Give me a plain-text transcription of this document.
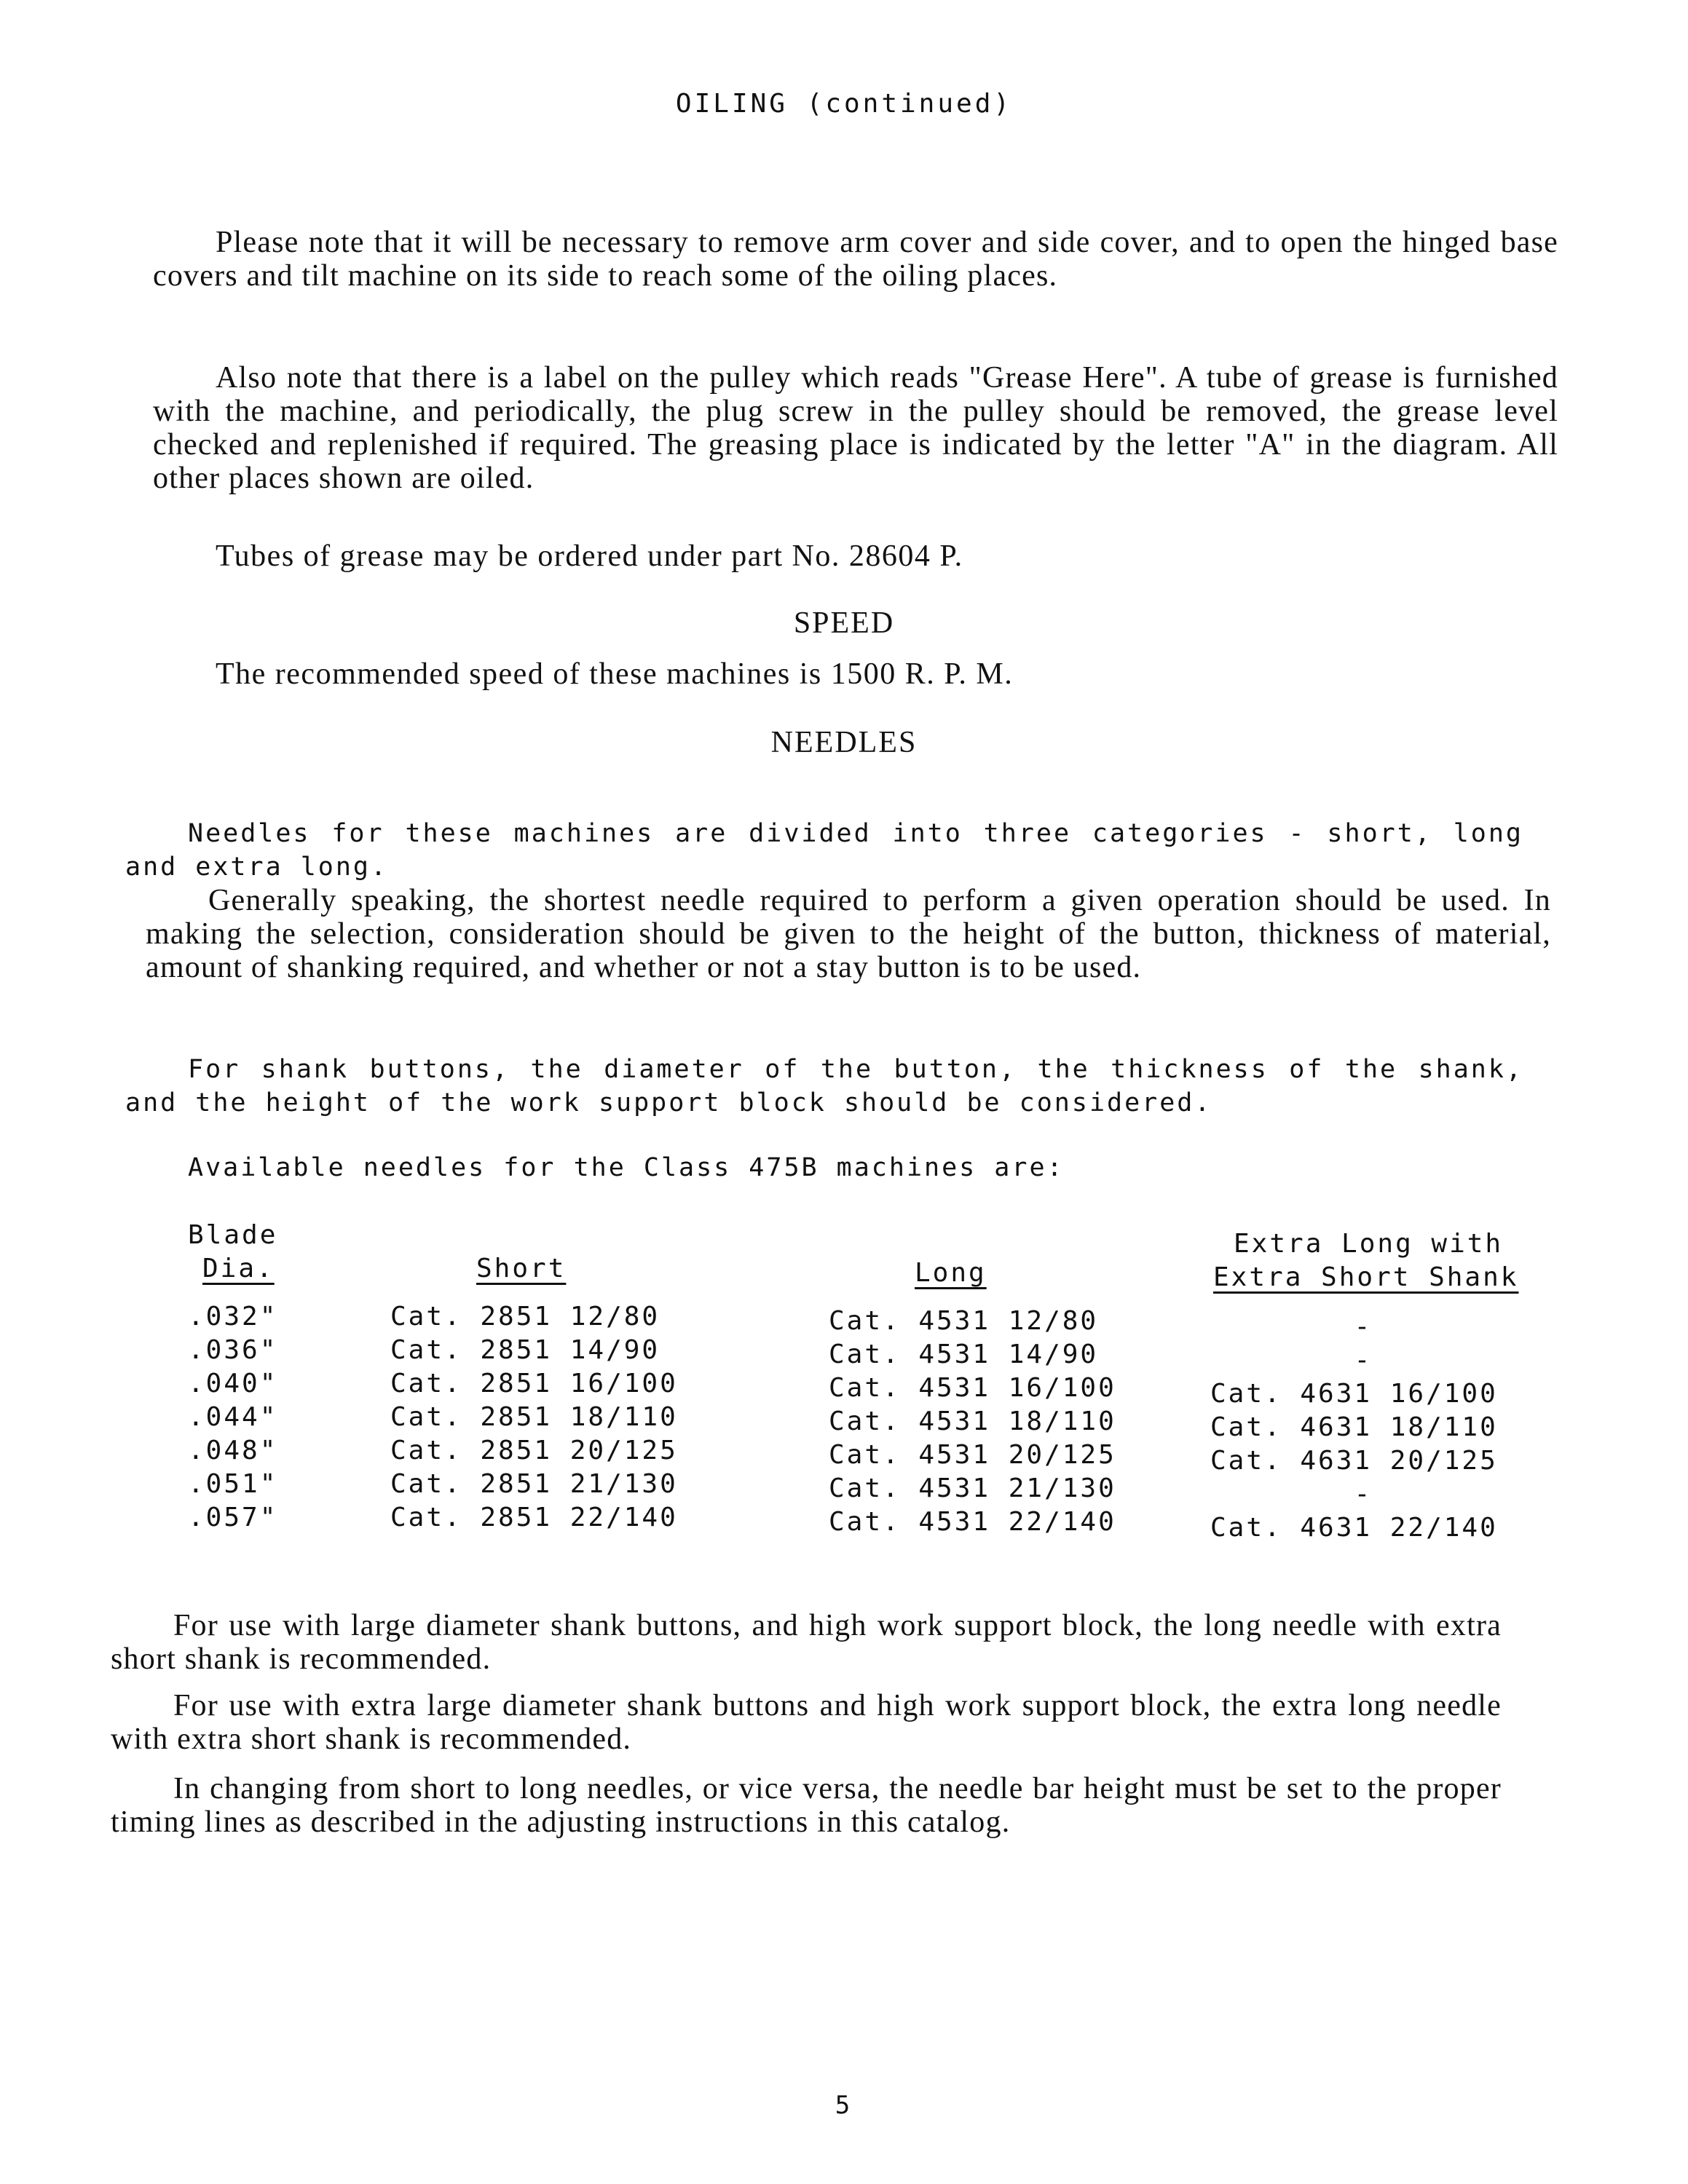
OILING (continued)
Please note that it will be necessary to remove arm cover and side cover, and to open the hinged base covers and tilt machine on its side to reach some of the oiling places.
Also note that there is a label on the pulley which reads "Grease Here". A tube of grease is furnished with the machine, and periodically, the plug screw in the pulley should be removed, the grease level checked and replenished if required. The greasing place is indicated by the letter "A" in the diagram. All other places shown are oiled.
Tubes of grease may be ordered under part No. 28604 P.
SPEED
The recommended speed of these machines is 1500 R. P. M.
NEEDLES
Needles for these machines are divided into three categories - short, long and extra long.
Generally speaking, the shortest needle required to perform a given operation should be used. In making the selection, consideration should be given to the height of the button, thickness of material, amount of shanking required, and whether or not a stay button is to be used.
For shank buttons, the diameter of the button, the thickness of the shank, and the height of the work support block should be considered.
Available needles for the Class 475B machines are:
Blade
Dia.	Short	Long
Extra Long with
Extra Short Shank
.032"
.036"
.040"
.044"
.048"
.051"
.057"
Cat. 2851 12/80
Cat. 2851 14/90
Cat. 2851 16/100
Cat. 2851 18/110
Cat. 2851 20/125
Cat. 2851 21/130
Cat. 2851 22/140
Cat. 4531 12/80
Cat. 4531 14/90
Cat. 4531 16/100
Cat. 4531 18/110
Cat. 4531 20/125
Cat. 4531 21/130
Cat. 4531 22/140
-
-
Cat. 4631 16/100
Cat. 4631 18/110
Cat. 4631 20/125
-
Cat. 4631 22/140
For use with large diameter shank buttons, and high work support block, the long needle with extra short shank is recommended.
For use with extra large diameter shank buttons and high work support block, the extra long needle with extra short shank is recommended.
In changing from short to long needles, or vice versa, the needle bar height must be set to the proper timing lines as described in the adjusting instructions in this catalog.
5
